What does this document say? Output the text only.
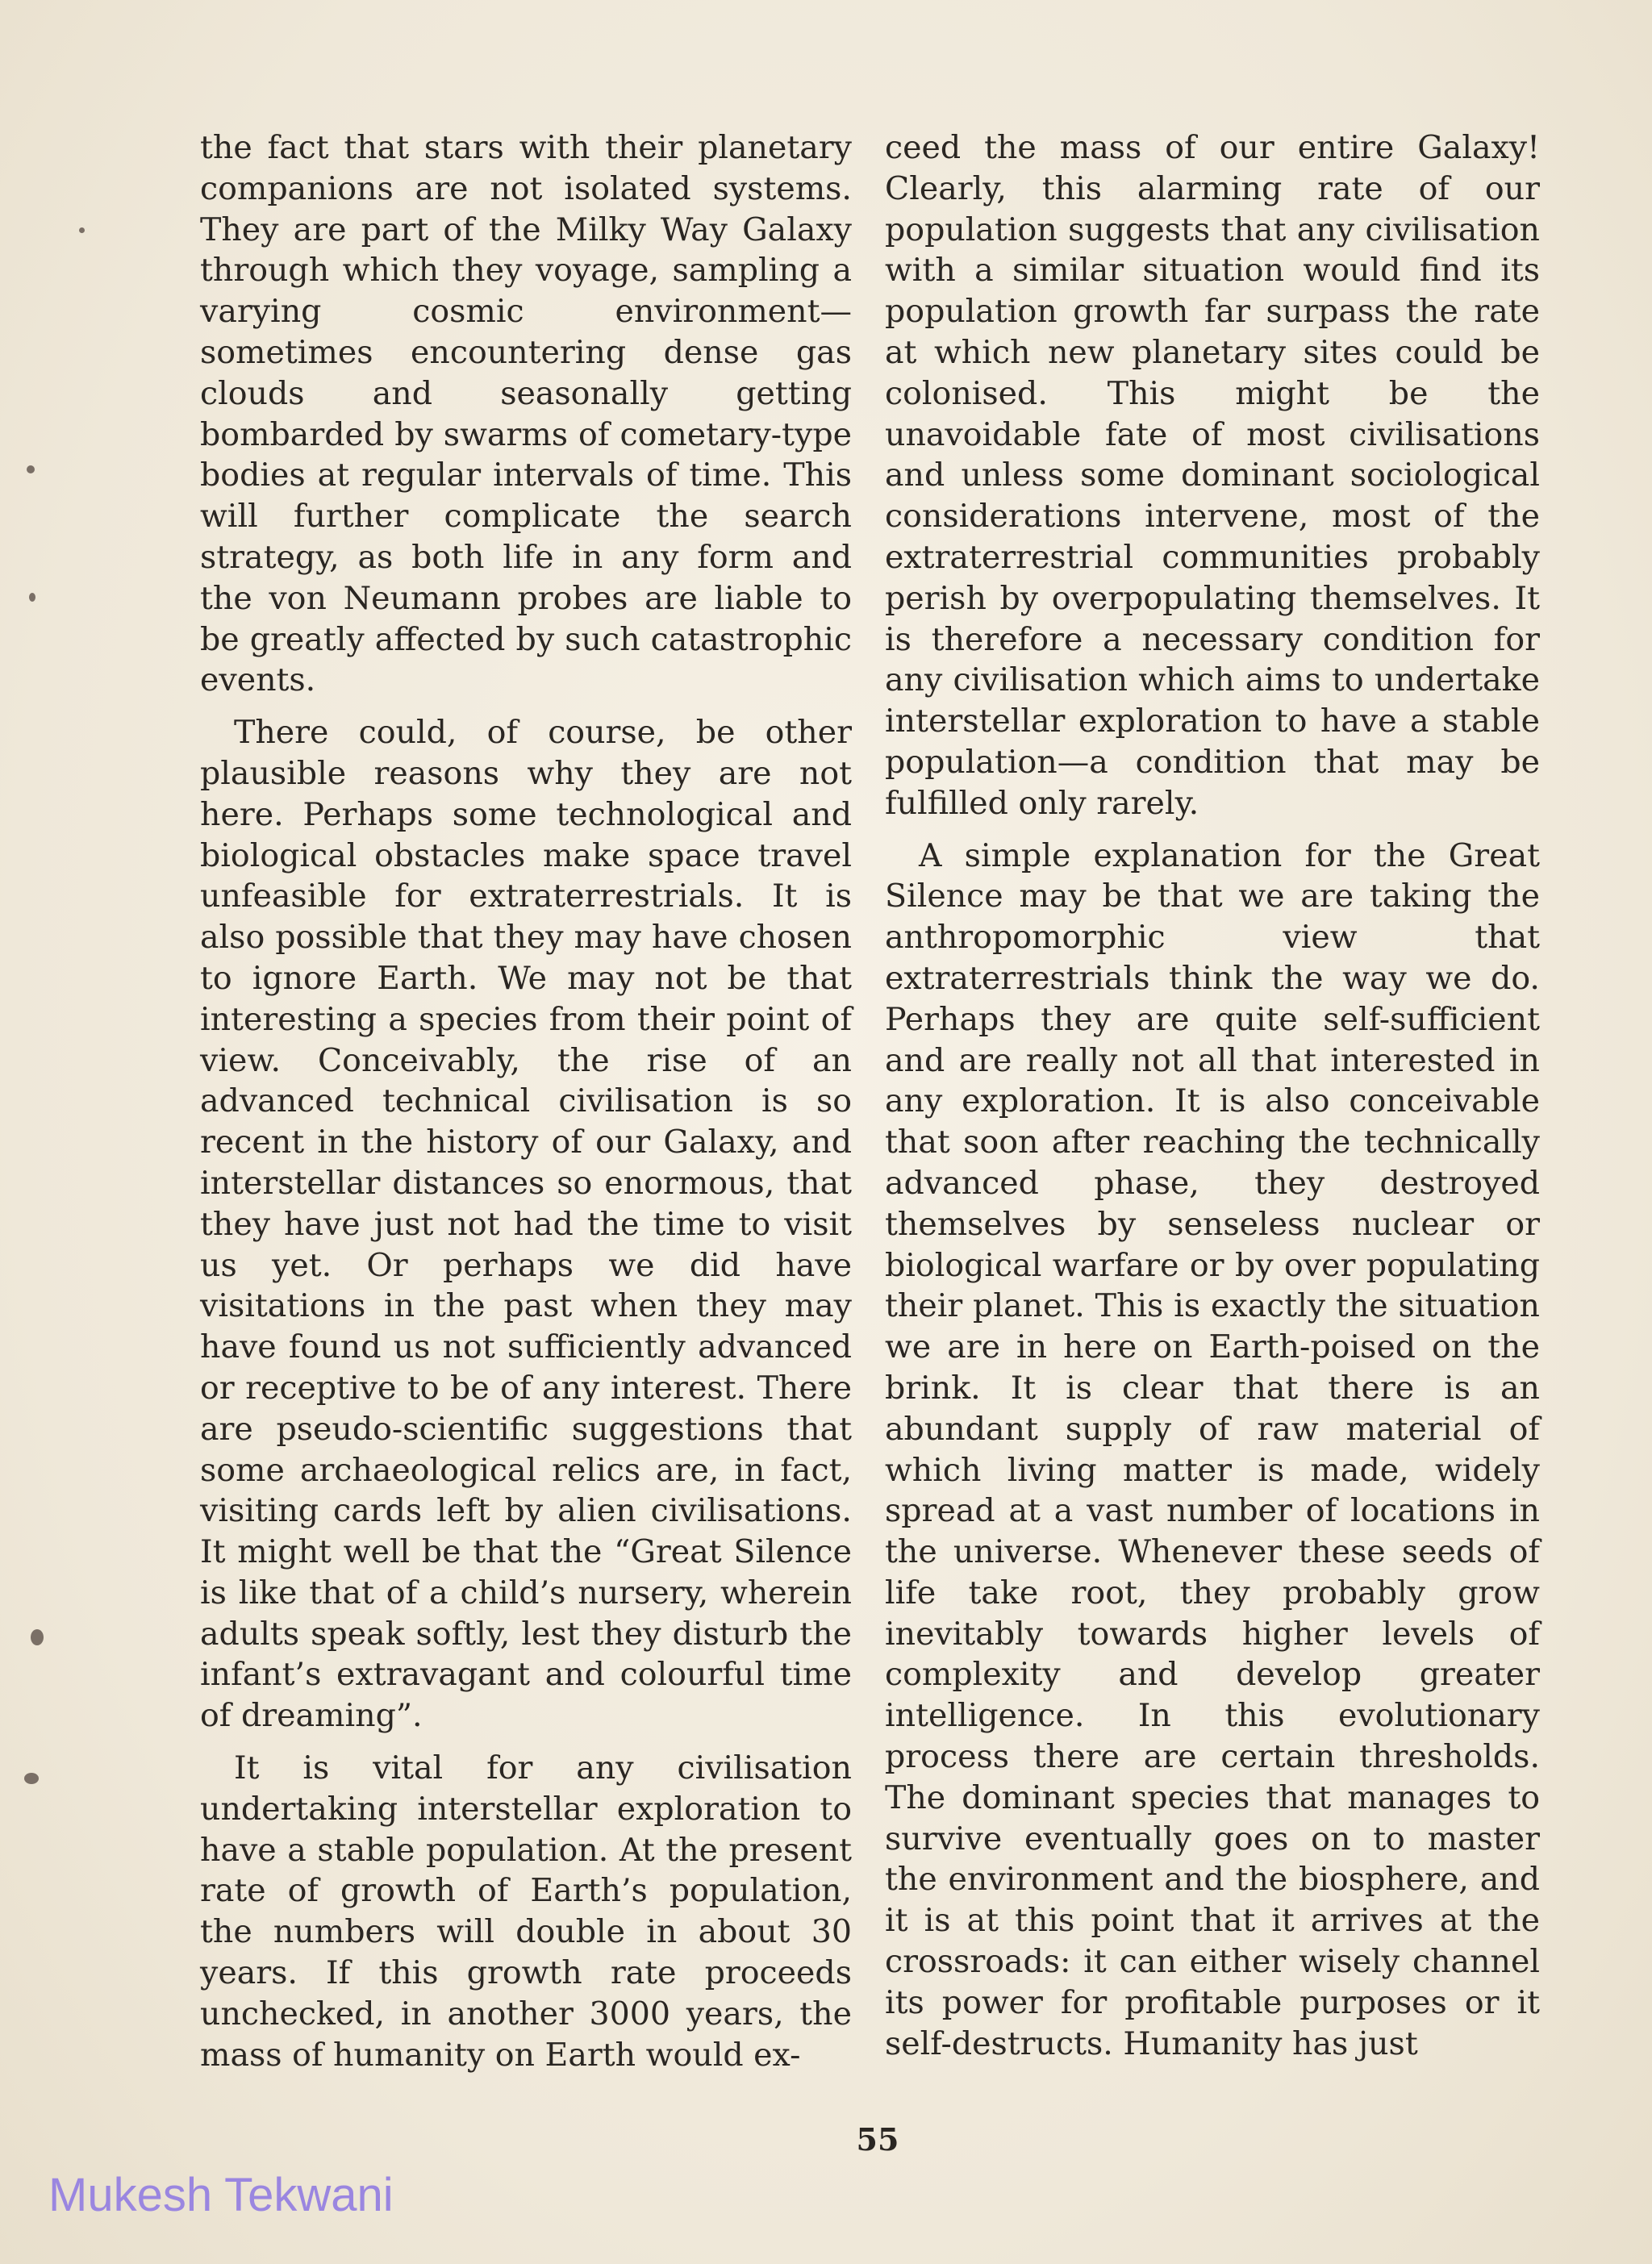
the fact that stars with their planetary companions are not isolated systems. They are part of the Milky Way Galaxy through which they voyage, sampling a varying cosmic environment—sometimes encountering dense gas clouds and seasonally getting bombarded by swarms of cometary-type bodies at regular intervals of time. This will further complicate the search strategy, as both life in any form and the von Neumann probes are liable to be greatly affected by such catastrophic events.

There could, of course, be other plausible reasons why they are not here. Perhaps some technological and biological obstacles make space travel unfeasible for extraterrestrials. It is also possible that they may have chosen to ignore Earth. We may not be that interesting a species from their point of view. Conceivably, the rise of an advanced technical civilisation is so recent in the history of our Galaxy, and interstellar distances so enormous, that they have just not had the time to visit us yet. Or perhaps we did have visitations in the past when they may have found us not sufficiently advanced or receptive to be of any interest. There are pseudo-scientific suggestions that some archaeological relics are, in fact, visiting cards left by alien civilisations. It might well be that the “Great Silence is like that of a child’s nursery, wherein adults speak softly, lest they disturb the infant’s extravagant and colourful time of dreaming”.

It is vital for any civilisation undertaking interstellar exploration to have a stable population. At the present rate of growth of Earth’s population, the numbers will double in about 30 years. If this growth rate proceeds unchecked, in another 3000 years, the mass of humanity on Earth would ex-

ceed the mass of our entire Galaxy! Clearly, this alarming rate of our population suggests that any civilisation with a similar situation would find its population growth far surpass the rate at which new planetary sites could be colonised. This might be the unavoidable fate of most civilisations and unless some dominant sociological considerations intervene, most of the extraterrestrial communities probably perish by overpopulating themselves. It is therefore a necessary condition for any civilisation which aims to undertake interstellar exploration to have a stable population—a condition that may be fulfilled only rarely.

A simple explanation for the Great Silence may be that we are taking the anthropomorphic view that extraterrestrials think the way we do. Perhaps they are quite self-sufficient and are really not all that interested in any exploration. It is also conceivable that soon after reaching the technically advanced phase, they destroyed themselves by senseless nuclear or biological warfare or by over populating their planet. This is exactly the situation we are in here on Earth-poised on the brink. It is clear that there is an abundant supply of raw material of which living matter is made, widely spread at a vast number of locations in the universe. Whenever these seeds of life take root, they probably grow inevitably towards higher levels of complexity and develop greater intelligence. In this evolutionary process there are certain thresholds. The dominant species that manages to survive eventually goes on to master the environment and the biosphere, and it is at this point that it arrives at the crossroads: it can either wisely channel its power for profitable purposes or it self-destructs. Humanity has just

55
Mukesh Tekwani
